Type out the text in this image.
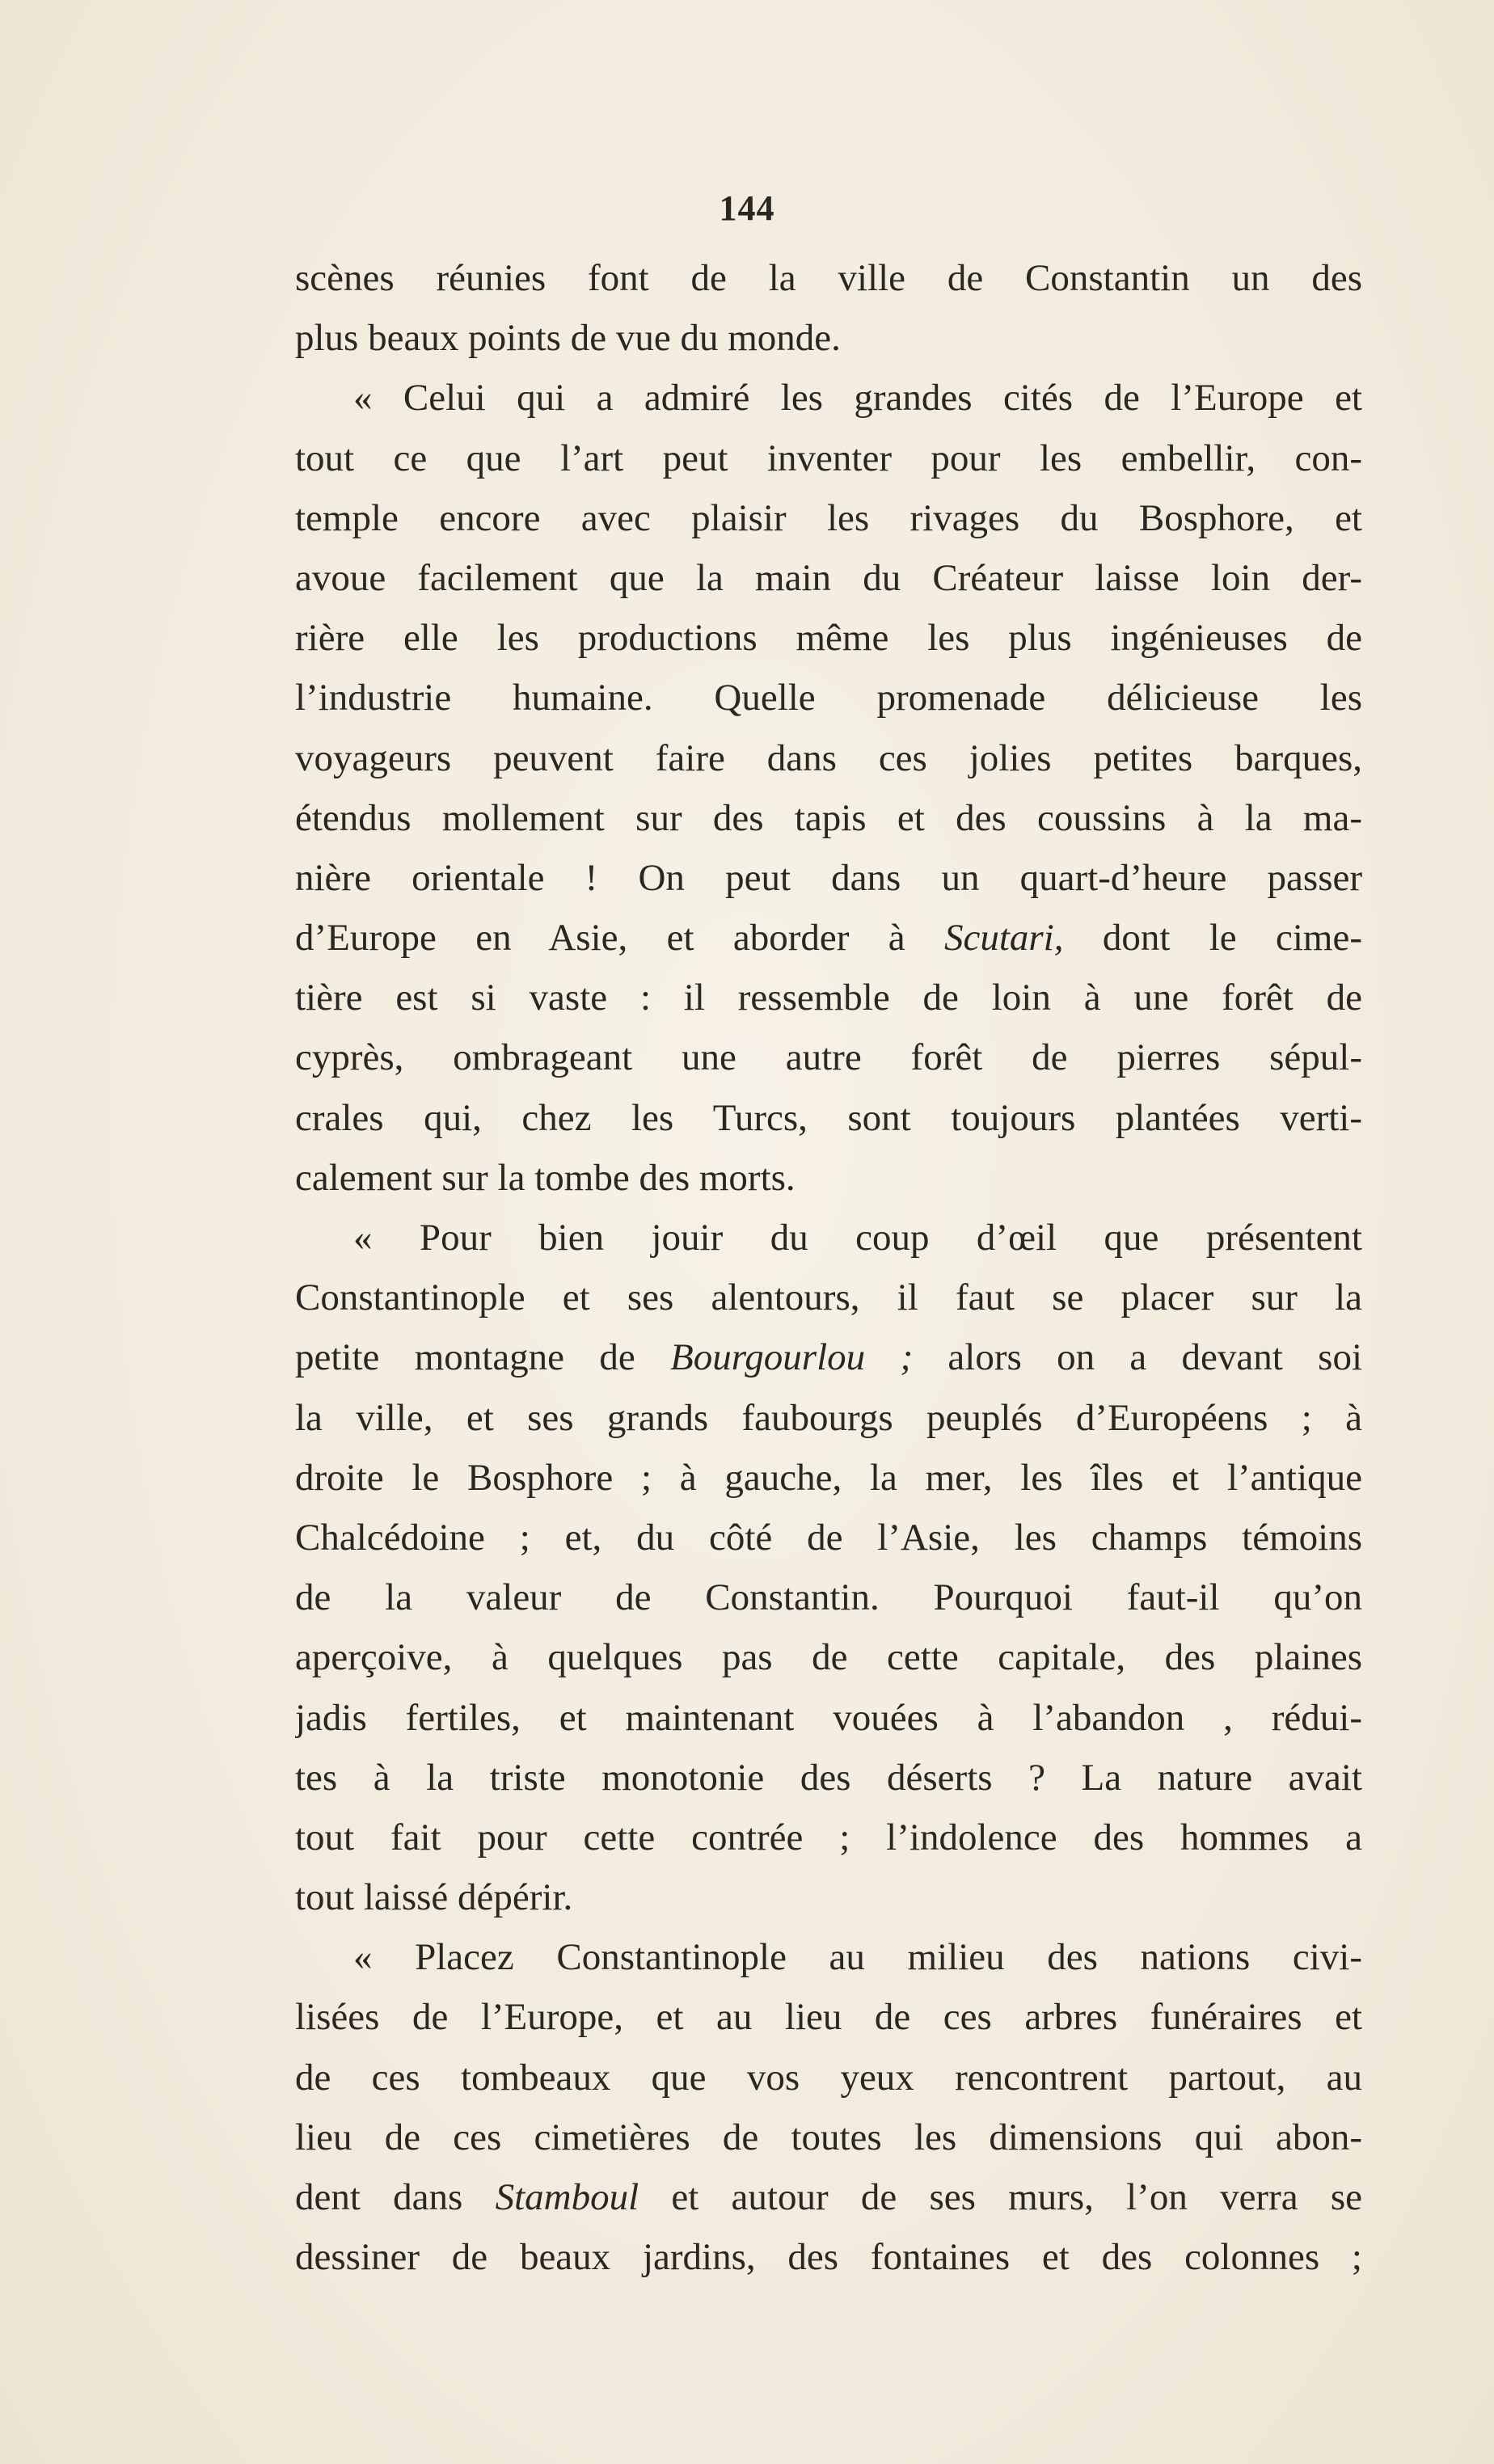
144
scènes réunies font de la ville de Constantin un des
plus beaux points de vue du monde.
« Celui qui a admiré les grandes cités de l’Europe et
tout ce que l’art peut inventer pour les embellir, con-
temple encore avec plaisir les rivages du Bosphore, et
avoue facilement que la main du Créateur laisse loin der-
rière elle les productions même les plus ingénieuses de
l’industrie humaine. Quelle promenade délicieuse les
voyageurs peuvent faire dans ces jolies petites barques,
étendus mollement sur des tapis et des coussins à la ma-
nière orientale ! On peut dans un quart-d’heure passer
d’Europe en Asie, et aborder à Scutari, dont le cime-
tière est si vaste : il ressemble de loin à une forêt de
cyprès, ombrageant une autre forêt de pierres sépul-
crales qui, chez les Turcs, sont toujours plantées verti-
calement sur la tombe des morts.
« Pour bien jouir du coup d’œil que présentent
Constantinople et ses alentours, il faut se placer sur la
petite montagne de Bourgourlou ; alors on a devant soi
la ville, et ses grands faubourgs peuplés d’Européens ; à
droite le Bosphore ; à gauche, la mer, les îles et l’antique
Chalcédoine ; et, du côté de l’Asie, les champs témoins
de la valeur de Constantin. Pourquoi faut-il qu’on
aperçoive, à quelques pas de cette capitale, des plaines
jadis fertiles, et maintenant vouées à l’abandon , rédui-
tes à la triste monotonie des déserts ? La nature avait
tout fait pour cette contrée ; l’indolence des hommes a
tout laissé dépérir.
« Placez Constantinople au milieu des nations civi-
lisées de l’Europe, et au lieu de ces arbres funéraires et
de ces tombeaux que vos yeux rencontrent partout, au
lieu de ces cimetières de toutes les dimensions qui abon-
dent dans Stamboul et autour de ses murs, l’on verra se
dessiner de beaux jardins, des fontaines et des colonnes ;
